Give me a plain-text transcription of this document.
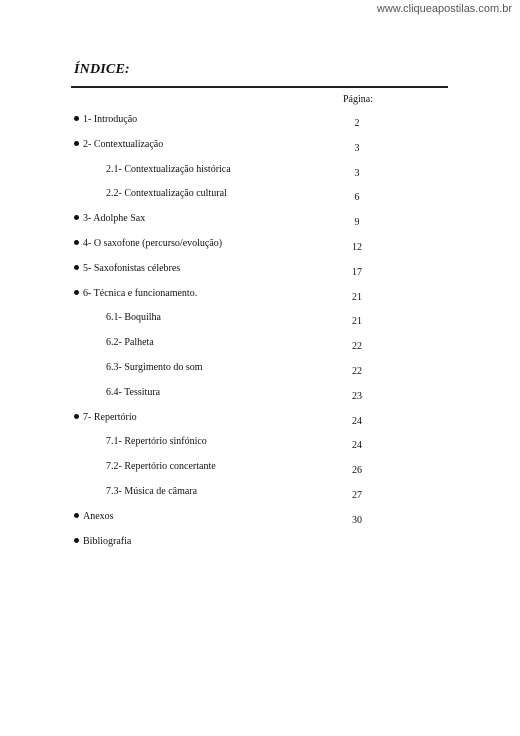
www.cliqueapostilas.com.br
ÍNDICE:
Página:
1- Introdução	2
2- Contextualização	3
2.1- Contextualização histórica	3
2.2- Contextualização cultural	6
3- Adolphe Sax	9
4- O saxofone (percurso/evolução)	12
5- Saxofonistas célebres	17
6- Técnica e funcionamento.	21
6.1- Boquilha	21
6.2- Palheta	22
6.3- Surgimento do som	22
6.4- Tessitura	23
7- Repertório	24
7.1- Repertório sinfónico	24
7.2- Repertório concertante	26
7.3- Música de câmara	27
Anexos	30
Bibliografia
